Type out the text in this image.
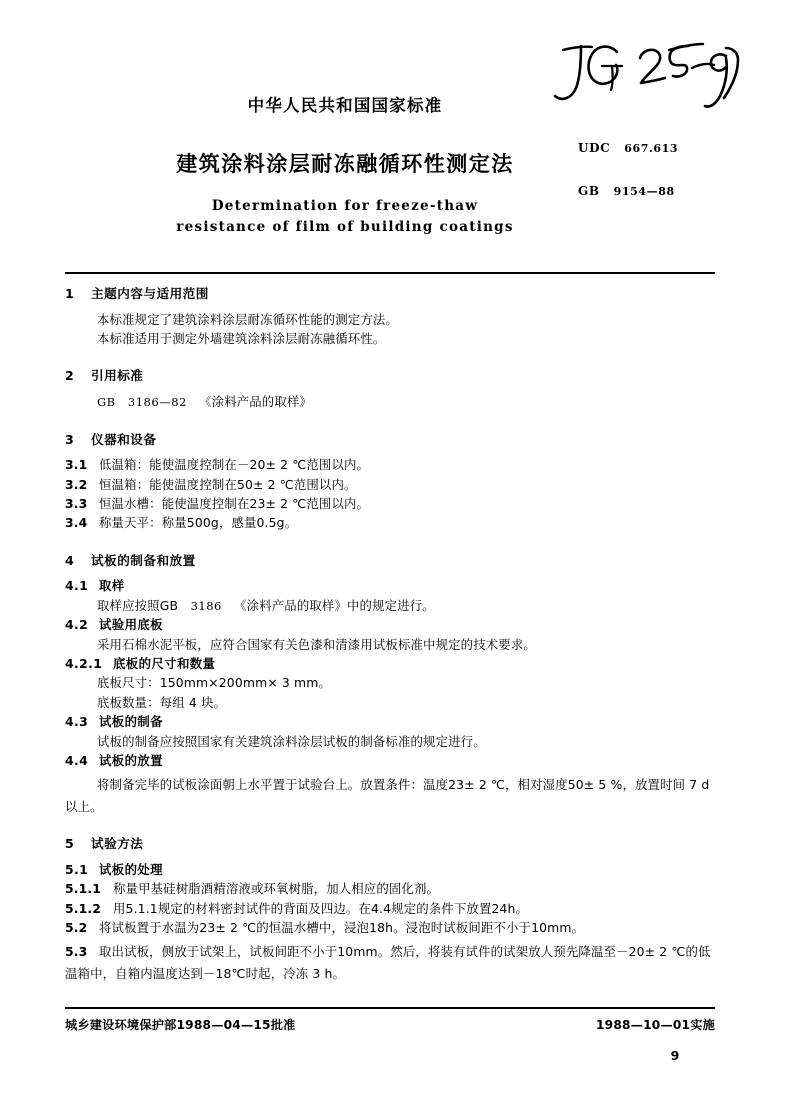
中华人民共和国国家标准
建筑涂料涂层耐冻融循环性测定法
Determination for freeze-thaw
resistance of film of building coatings
UDC 667.613
GB 9154—88
1 主题内容与适用范围
本标准规定了建筑涂料涂层耐冻循环性能的测定方法。
本标准适用于测定外墙建筑涂料涂层耐冻融循环性。
2 引用标准
GB 3186—82 《涂料产品的取样》
3 仪器和设备
3.1 低温箱：能使温度控制在－20± 2 ℃范围以内。
3.2 恒温箱：能使温度控制在50± 2 ℃范围以内。
3.3 恒温水槽：能使温度控制在23± 2 ℃范围以内。
3.4 称量天平：称量500g，感量0.5g。
4 试板的制备和放置
4.1 取样
取样应按照GB 3186 《涂料产品的取样》中的规定进行。
4.2 试验用底板
采用石棉水泥平板，应符合国家有关色漆和清漆用试板标准中规定的技术要求。
4.2.1 底板的尺寸和数量
底板尺寸：150mm×200mm× 3 mm。
底板数量：每组 4 块。
4.3 试板的制备
试板的制备应按照国家有关建筑涂料涂层试板的制备标准的规定进行。
4.4 试板的放置
将制备完毕的试板涂面朝上水平置于试验台上。放置条件：温度23± 2 ℃，相对湿度50± 5 %，放置时间 7 d以上。
5 试验方法
5.1 试板的处理
5.1.1 称量甲基硅树脂酒精溶液或环氧树脂，加人相应的固化剂。
5.1.2 用5.1.1规定的材料密封试件的背面及四边。在4.4规定的条件下放置24h。
5.2 将试板置于水温为23± 2 ℃的恒温水槽中，浸泡18h。浸泡时试板间距不小于10mm。
5.3 取出试板，侧放于试架上，试板间距不小于10mm。然后，将装有试件的试架放人预先降温至－20± 2 ℃的低温箱中，自箱内温度达到－18℃时起，冷冻 3 h。
城乡建设环境保护部1988—04—15批准	1988—10—01实施
9
